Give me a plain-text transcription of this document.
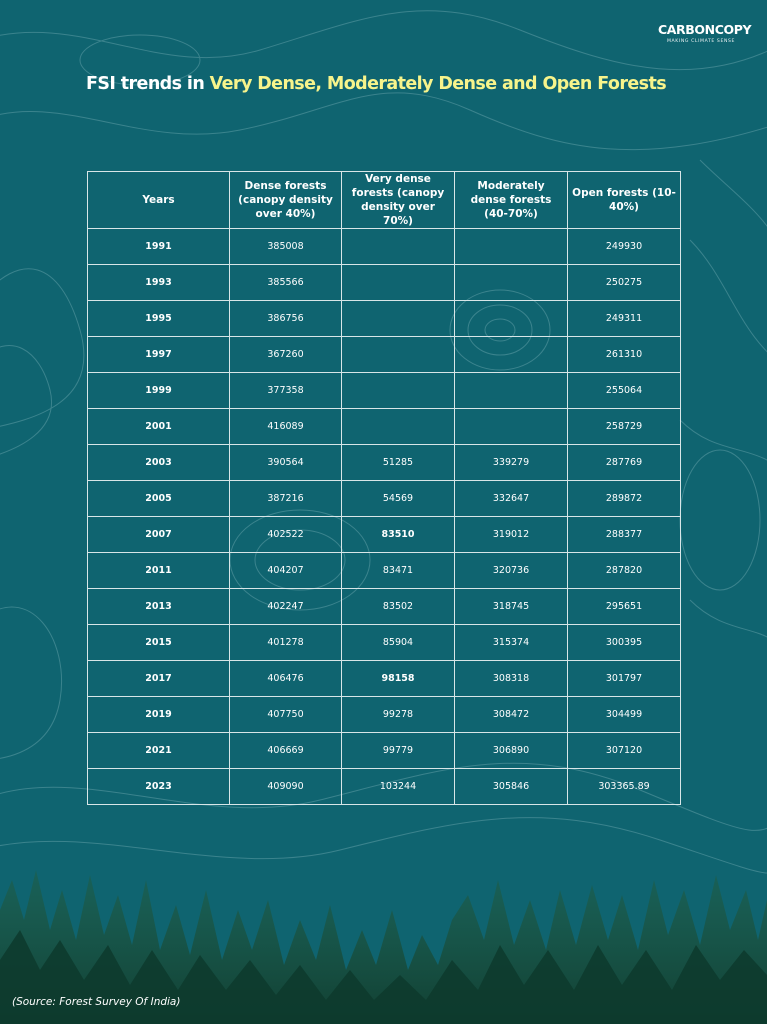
CARBONCOPY
MAKING CLIMATE SENSE
FSI trends in Very Dense, Moderately Dense and Open Forests
Years	Dense forests (canopy density over 40%)	Very dense forests (canopy density over 70%)	Moderately dense forests (40-70%)	Open forests (10-40%)
1991	385008			249930
1993	385566			250275
1995	386756			249311
1997	367260			261310
1999	377358			255064
2001	416089			258729
2003	390564	51285	339279	287769
2005	387216	54569	332647	289872
2007	402522	83510	319012	288377
2011	404207	83471	320736	287820
2013	402247	83502	318745	295651
2015	401278	85904	315374	300395
2017	406476	98158	308318	301797
2019	407750	99278	308472	304499
2021	406669	99779	306890	307120
2023	409090	103244	305846	303365.89
(Source: Forest Survey Of India)
